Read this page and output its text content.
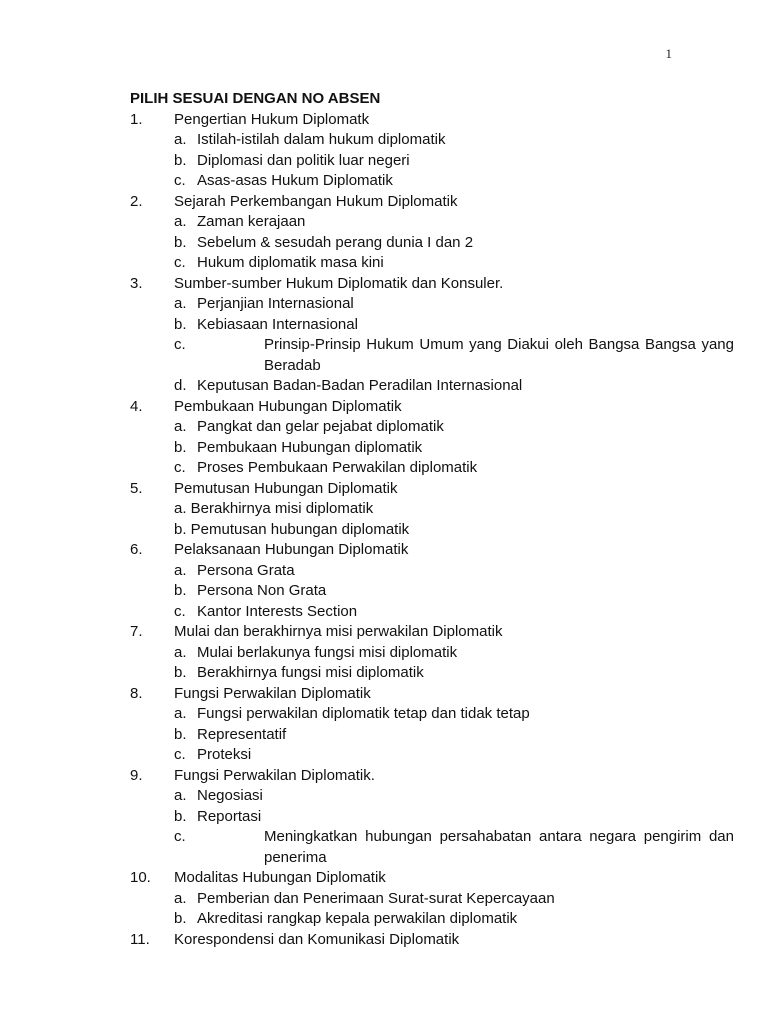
1
PILIH SESUAI DENGAN NO ABSEN
1. Pengertian Hukum Diplomatk
a. Istilah-istilah dalam hukum diplomatik
b. Diplomasi dan politik luar negeri
c. Asas-asas Hukum Diplomatik
2. Sejarah Perkembangan Hukum Diplomatik
a. Zaman kerajaan
b. Sebelum & sesudah perang dunia I dan 2
c. Hukum diplomatik masa kini
3. Sumber-sumber Hukum Diplomatik dan Konsuler.
a. Perjanjian Internasional
b. Kebiasaan Internasional
c.	Prinsip-Prinsip Hukum Umum yang Diakui oleh Bangsa Bangsa yang Beradab
d. Keputusan Badan-Badan Peradilan Internasional
4. Pembukaan Hubungan Diplomatik
a. Pangkat dan gelar pejabat diplomatik
b. Pembukaan Hubungan diplomatik
c. Proses Pembukaan Perwakilan diplomatik
5. Pemutusan Hubungan Diplomatik
a. Berakhirnya misi diplomatik
b. Pemutusan hubungan diplomatik
6. Pelaksanaan Hubungan Diplomatik
a. Persona Grata
b. Persona Non Grata
c. Kantor Interests Section
7. Mulai dan berakhirnya misi perwakilan Diplomatik
a. Mulai berlakunya fungsi misi diplomatik
b. Berakhirnya fungsi misi diplomatik
8. Fungsi Perwakilan Diplomatik
a. Fungsi perwakilan diplomatik tetap dan tidak tetap
b. Representatif
c. Proteksi
9. Fungsi Perwakilan Diplomatik.
a. Negosiasi
b. Reportasi
c.	Meningkatkan hubungan persahabatan antara negara pengirim dan penerima
10. Modalitas Hubungan Diplomatik
a. Pemberian dan Penerimaan Surat-surat Kepercayaan
b. Akreditasi rangkap kepala perwakilan diplomatik
11. Korespondensi dan Komunikasi Diplomatik
